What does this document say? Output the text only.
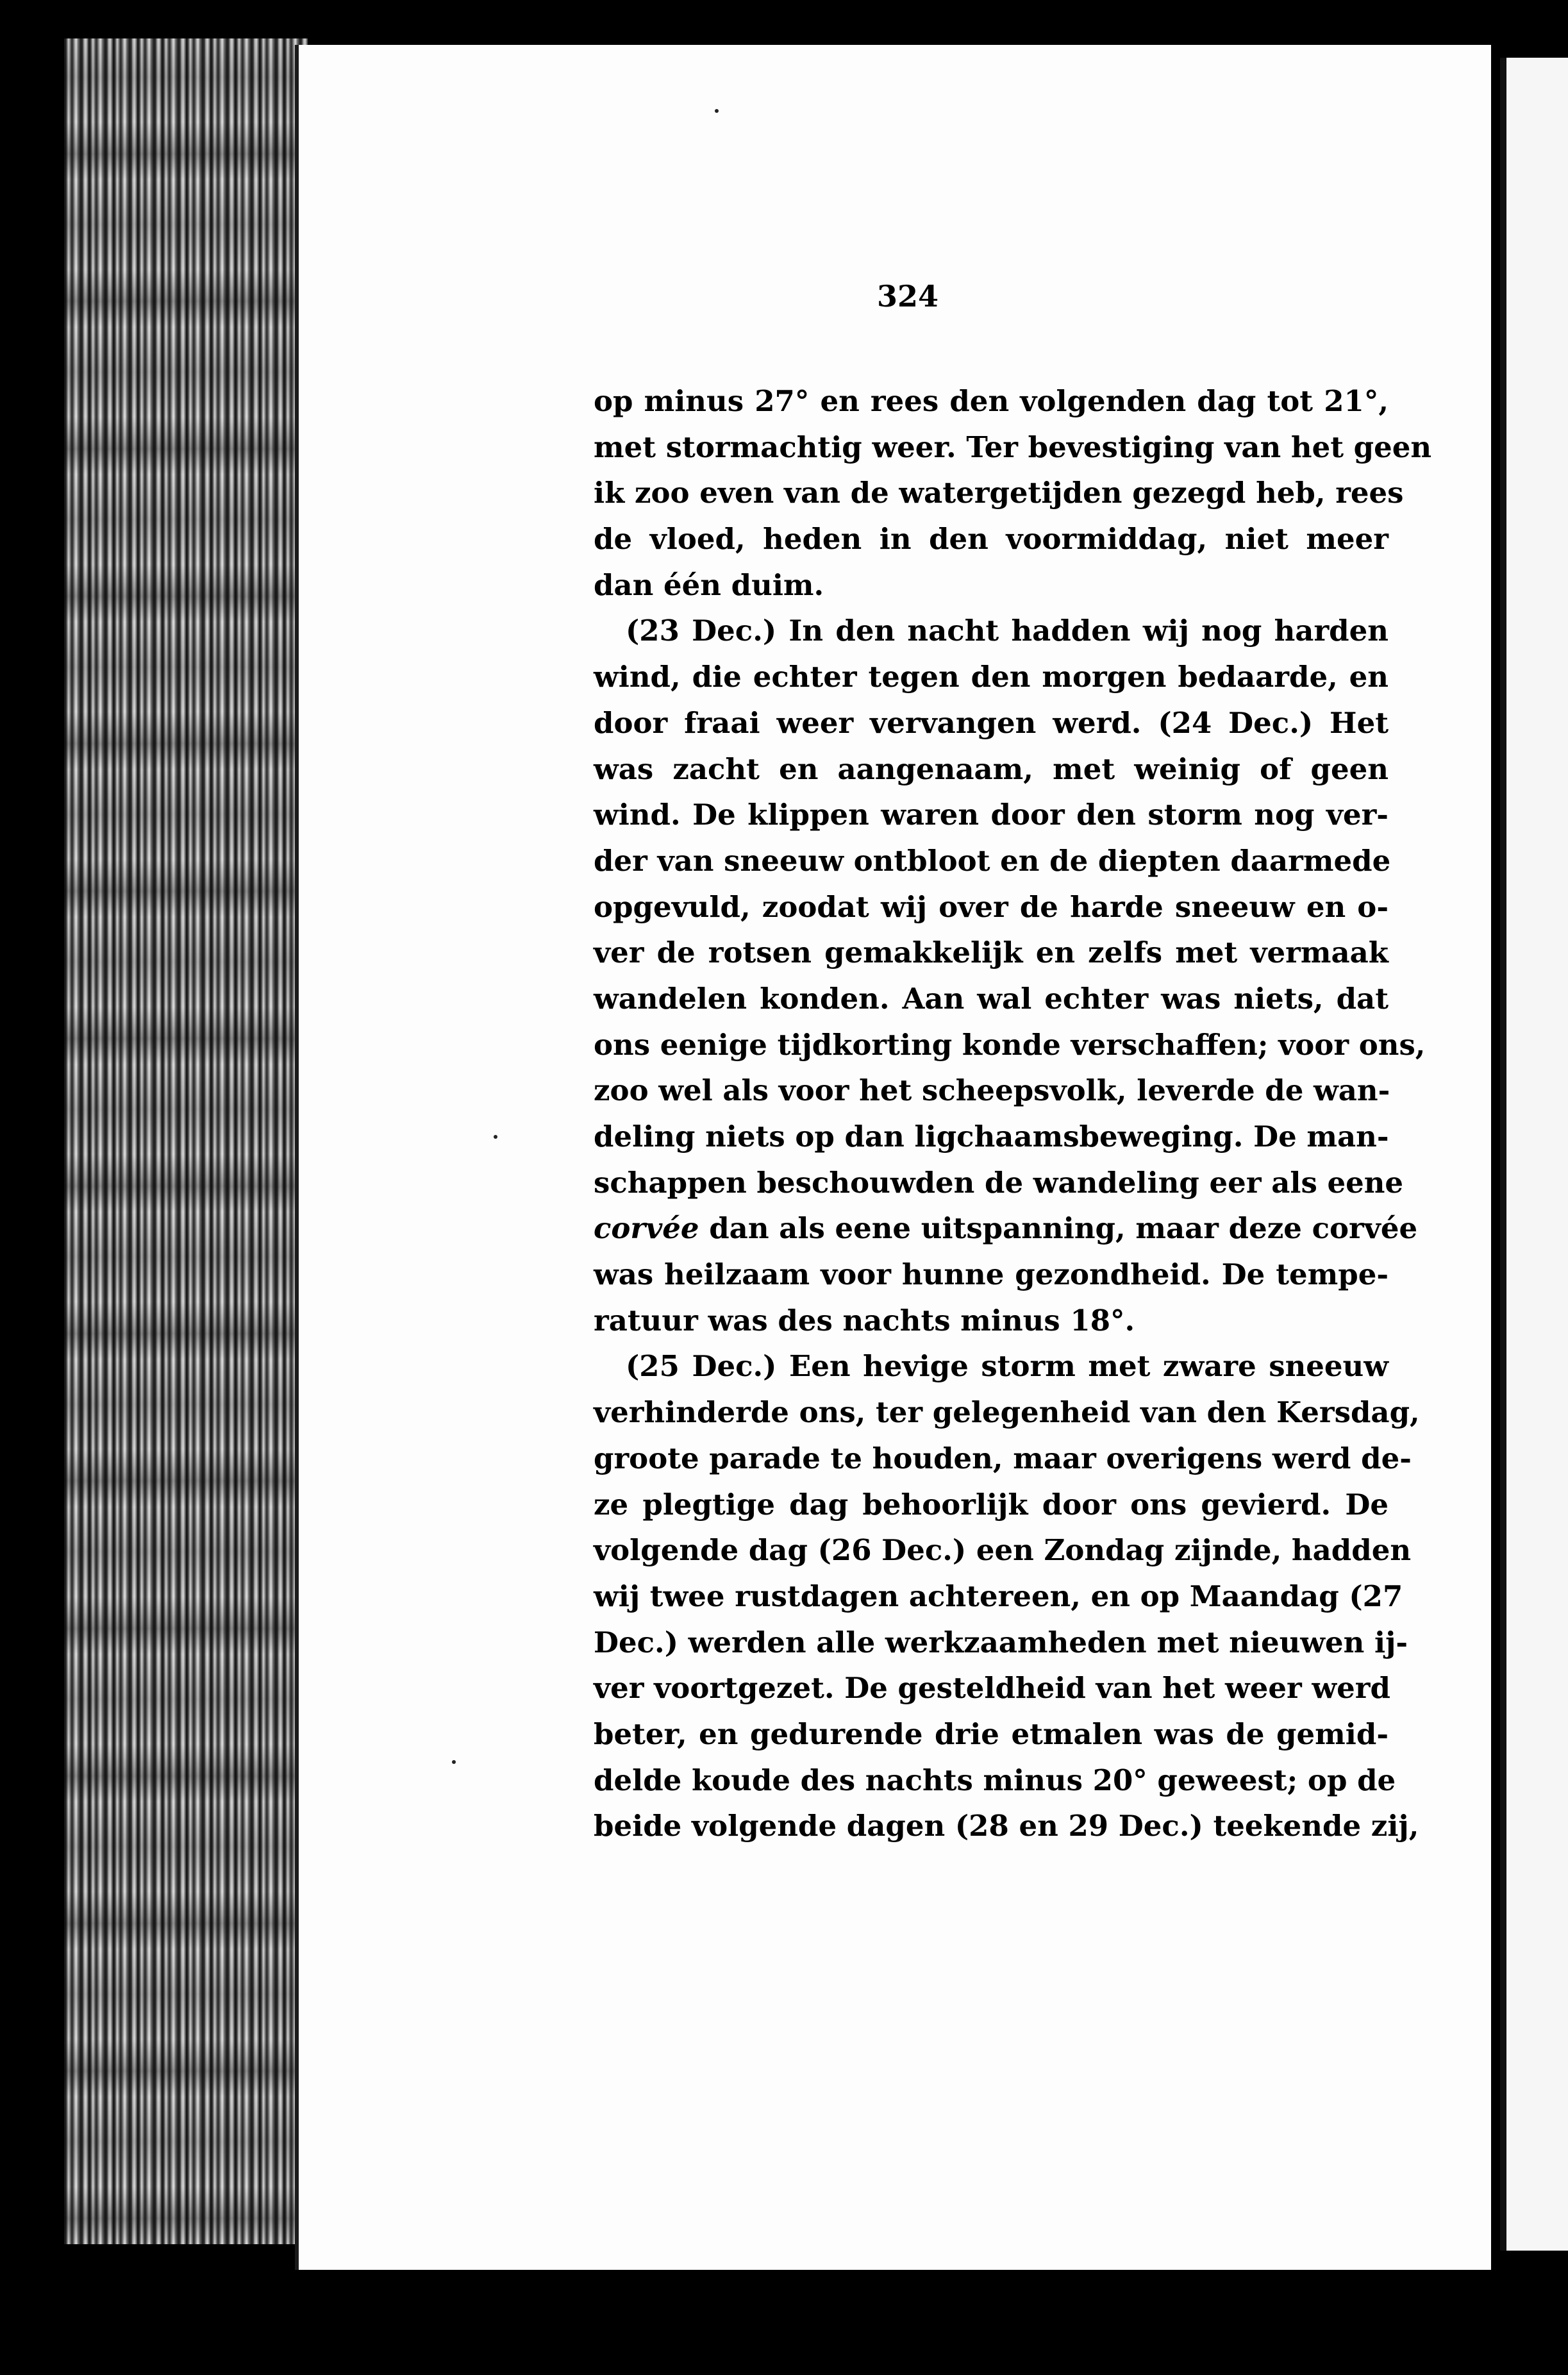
324
op minus 27° en rees den volgenden dag tot 21°,
met stormachtig weer. Ter bevestiging van het geen
ik zoo even van de watergetijden gezegd heb, rees
de vloed, heden in den voormiddag, niet meer
dan één duim.
(23 Dec.) In den nacht hadden wij nog harden
wind, die echter tegen den morgen bedaarde, en
door fraai weer vervangen werd. (24 Dec.) Het
was zacht en aangenaam, met weinig of geen
wind. De klippen waren door den storm nog ver-
der van sneeuw ontbloot en de diepten daarmede
opgevuld, zoodat wij over de harde sneeuw en o-
ver de rotsen gemakkelijk en zelfs met vermaak
wandelen konden. Aan wal echter was niets, dat
ons eenige tijdkorting konde verschaffen; voor ons,
zoo wel als voor het scheepsvolk, leverde de wan-
deling niets op dan ligchaamsbeweging. De man-
schappen beschouwden de wandeling eer als eene
corvée dan als eene uitspanning, maar deze corvée
was heilzaam voor hunne gezondheid. De tempe-
ratuur was des nachts minus 18°.
(25 Dec.) Een hevige storm met zware sneeuw
verhinderde ons, ter gelegenheid van den Kersdag,
groote parade te houden, maar overigens werd de-
ze plegtige dag behoorlijk door ons gevierd. De
volgende dag (26 Dec.) een Zondag zijnde, hadden
wij twee rustdagen achtereen, en op Maandag (27
Dec.) werden alle werkzaamheden met nieuwen ij-
ver voortgezet. De gesteldheid van het weer werd
beter, en gedurende drie etmalen was de gemid-
delde koude des nachts minus 20° geweest; op de
beide volgende dagen (28 en 29 Dec.) teekende zij,
